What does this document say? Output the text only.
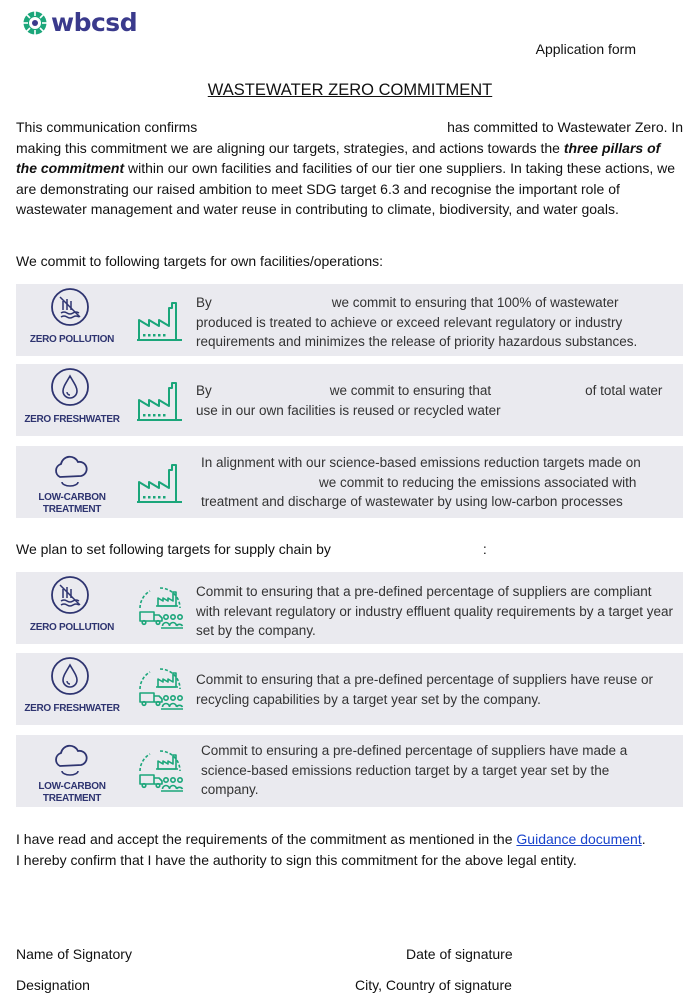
wbcsd
Application form
WASTEWATER ZERO COMMITMENT
This communication confirms	has committed to Wastewater Zero. In making this commitment we are aligning our targets, strategies, and actions towards the three pillars of the commitment within our own facilities and facilities of our tier one suppliers. In taking these actions, we are demonstrating our raised ambition to meet SDG target 6.3 and recognise the important role of wastewater management and water reuse in contributing to climate, biodiversity, and water goals.
We commit to following targets for own facilities/operations:
ZERO POLLUTION
By	we commit to ensuring that 100% of wastewater produced is treated to achieve or exceed relevant regulatory or industry requirements and minimizes the release of priority hazardous substances.
ZERO FRESHWATER
By	we commit to ensuring that	of total water use in our own facilities is reused or recycled water
LOW-CARBON
TREATMENT
In alignment with our science-based emissions reduction targets made on
we commit to reducing the emissions associated with
treatment and discharge of wastewater by using low-carbon processes
We plan to set following targets for supply chain by	:
ZERO POLLUTION
Commit to ensuring that a pre-defined percentage of suppliers are compliant with relevant regulatory or industry effluent quality requirements by a target year set by the company.
ZERO FRESHWATER
Commit to ensuring that a pre-defined percentage of suppliers have reuse or recycling capabilities by a target year set by the company.
LOW-CARBON
TREATMENT
Commit to ensuring a pre-defined percentage of suppliers have made a science-based emissions reduction target by a target year set by the company.
I have read and accept the requirements of the commitment as mentioned in the Guidance document.
I hereby confirm that I have the authority to sign this commitment for the above legal entity.
Name of Signatory	Date of signature
Designation	City, Country of signature
